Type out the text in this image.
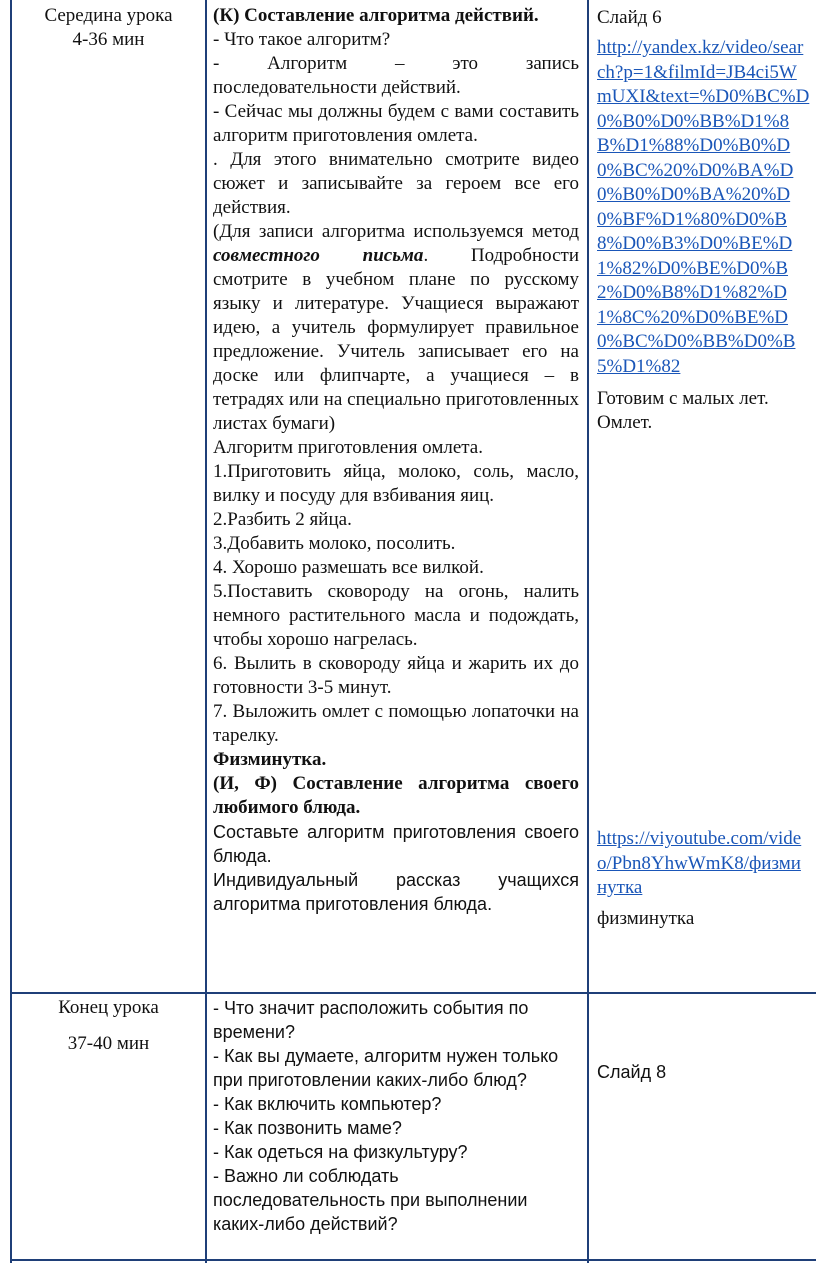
Середина урока

4-36 мин

(К) Составление алгоритма действий.

- Что такое алгоритм?

- Алгоритм – это запись

последовательности действий.

- Сейчас мы должны будем с вами составить алгоритм приготовления омлета.

. Для этого внимательно смотрите видео сюжет и записывайте за героем все его действия.

(Для записи алгоритма используемся метод совместного письма. Подробности смотрите в учебном плане по русскому языку и литературе. Учащиеся выражают идею, а учитель формулирует правильное предложение. Учитель записывает его на доске или флипчарте, а учащиеся – в тетрадях или на специально приготовленных листах бумаги)

Алгоритм приготовления омлета.

1.Приготовить яйца, молоко, соль, масло, вилку и посуду для взбивания яиц.

2.Разбить 2 яйца.

3.Добавить молоко, посолить.

4. Хорошо размешать все вилкой.

5.Поставить сковороду на огонь, налить немного растительного масла и подождать, чтобы хорошо нагрелась.

6. Вылить в сковороду яйца и жарить их до готовности 3-5 минут.

7. Выложить омлет с помощью лопаточки на тарелку.

Физминутка.

(И, Ф) Составление алгоритма своего любимого блюда.

Составьте алгоритм приготовления своего блюда.

Индивидуальный рассказ учащихся алгоритма приготовления блюда.

Слайд 6

http://yandex.kz/video/search?p=1&filmId=JB4ci5WmUXI&text=%D0%BC%D0%B0%D0%BB%D1%8B%D1%88%D0%B0%D0%BC%20%D0%BA%D0%B0%D0%BA%20%D0%BF%D1%80%D0%B8%D0%B3%D0%BE%D1%82%D0%BE%D0%B2%D0%B8%D1%82%D1%8C%20%D0%BE%D0%BC%D0%BB%D0%B5%D1%82

Готовим с малых лет. Омлет.

https://viyoutube.com/video/Pbn8YhwWmK8/физминутка

физминутка

Конец урока

37-40 мин

- Что значит расположить события по времени?

- Как вы думаете, алгоритм нужен только при приготовлении каких-либо блюд?

- Как включить компьютер?

- Как позвонить маме?

- Как одеться на физкультуру?

- Важно ли соблюдать последовательность при выполнении каких-либо действий?

Слайд 8
